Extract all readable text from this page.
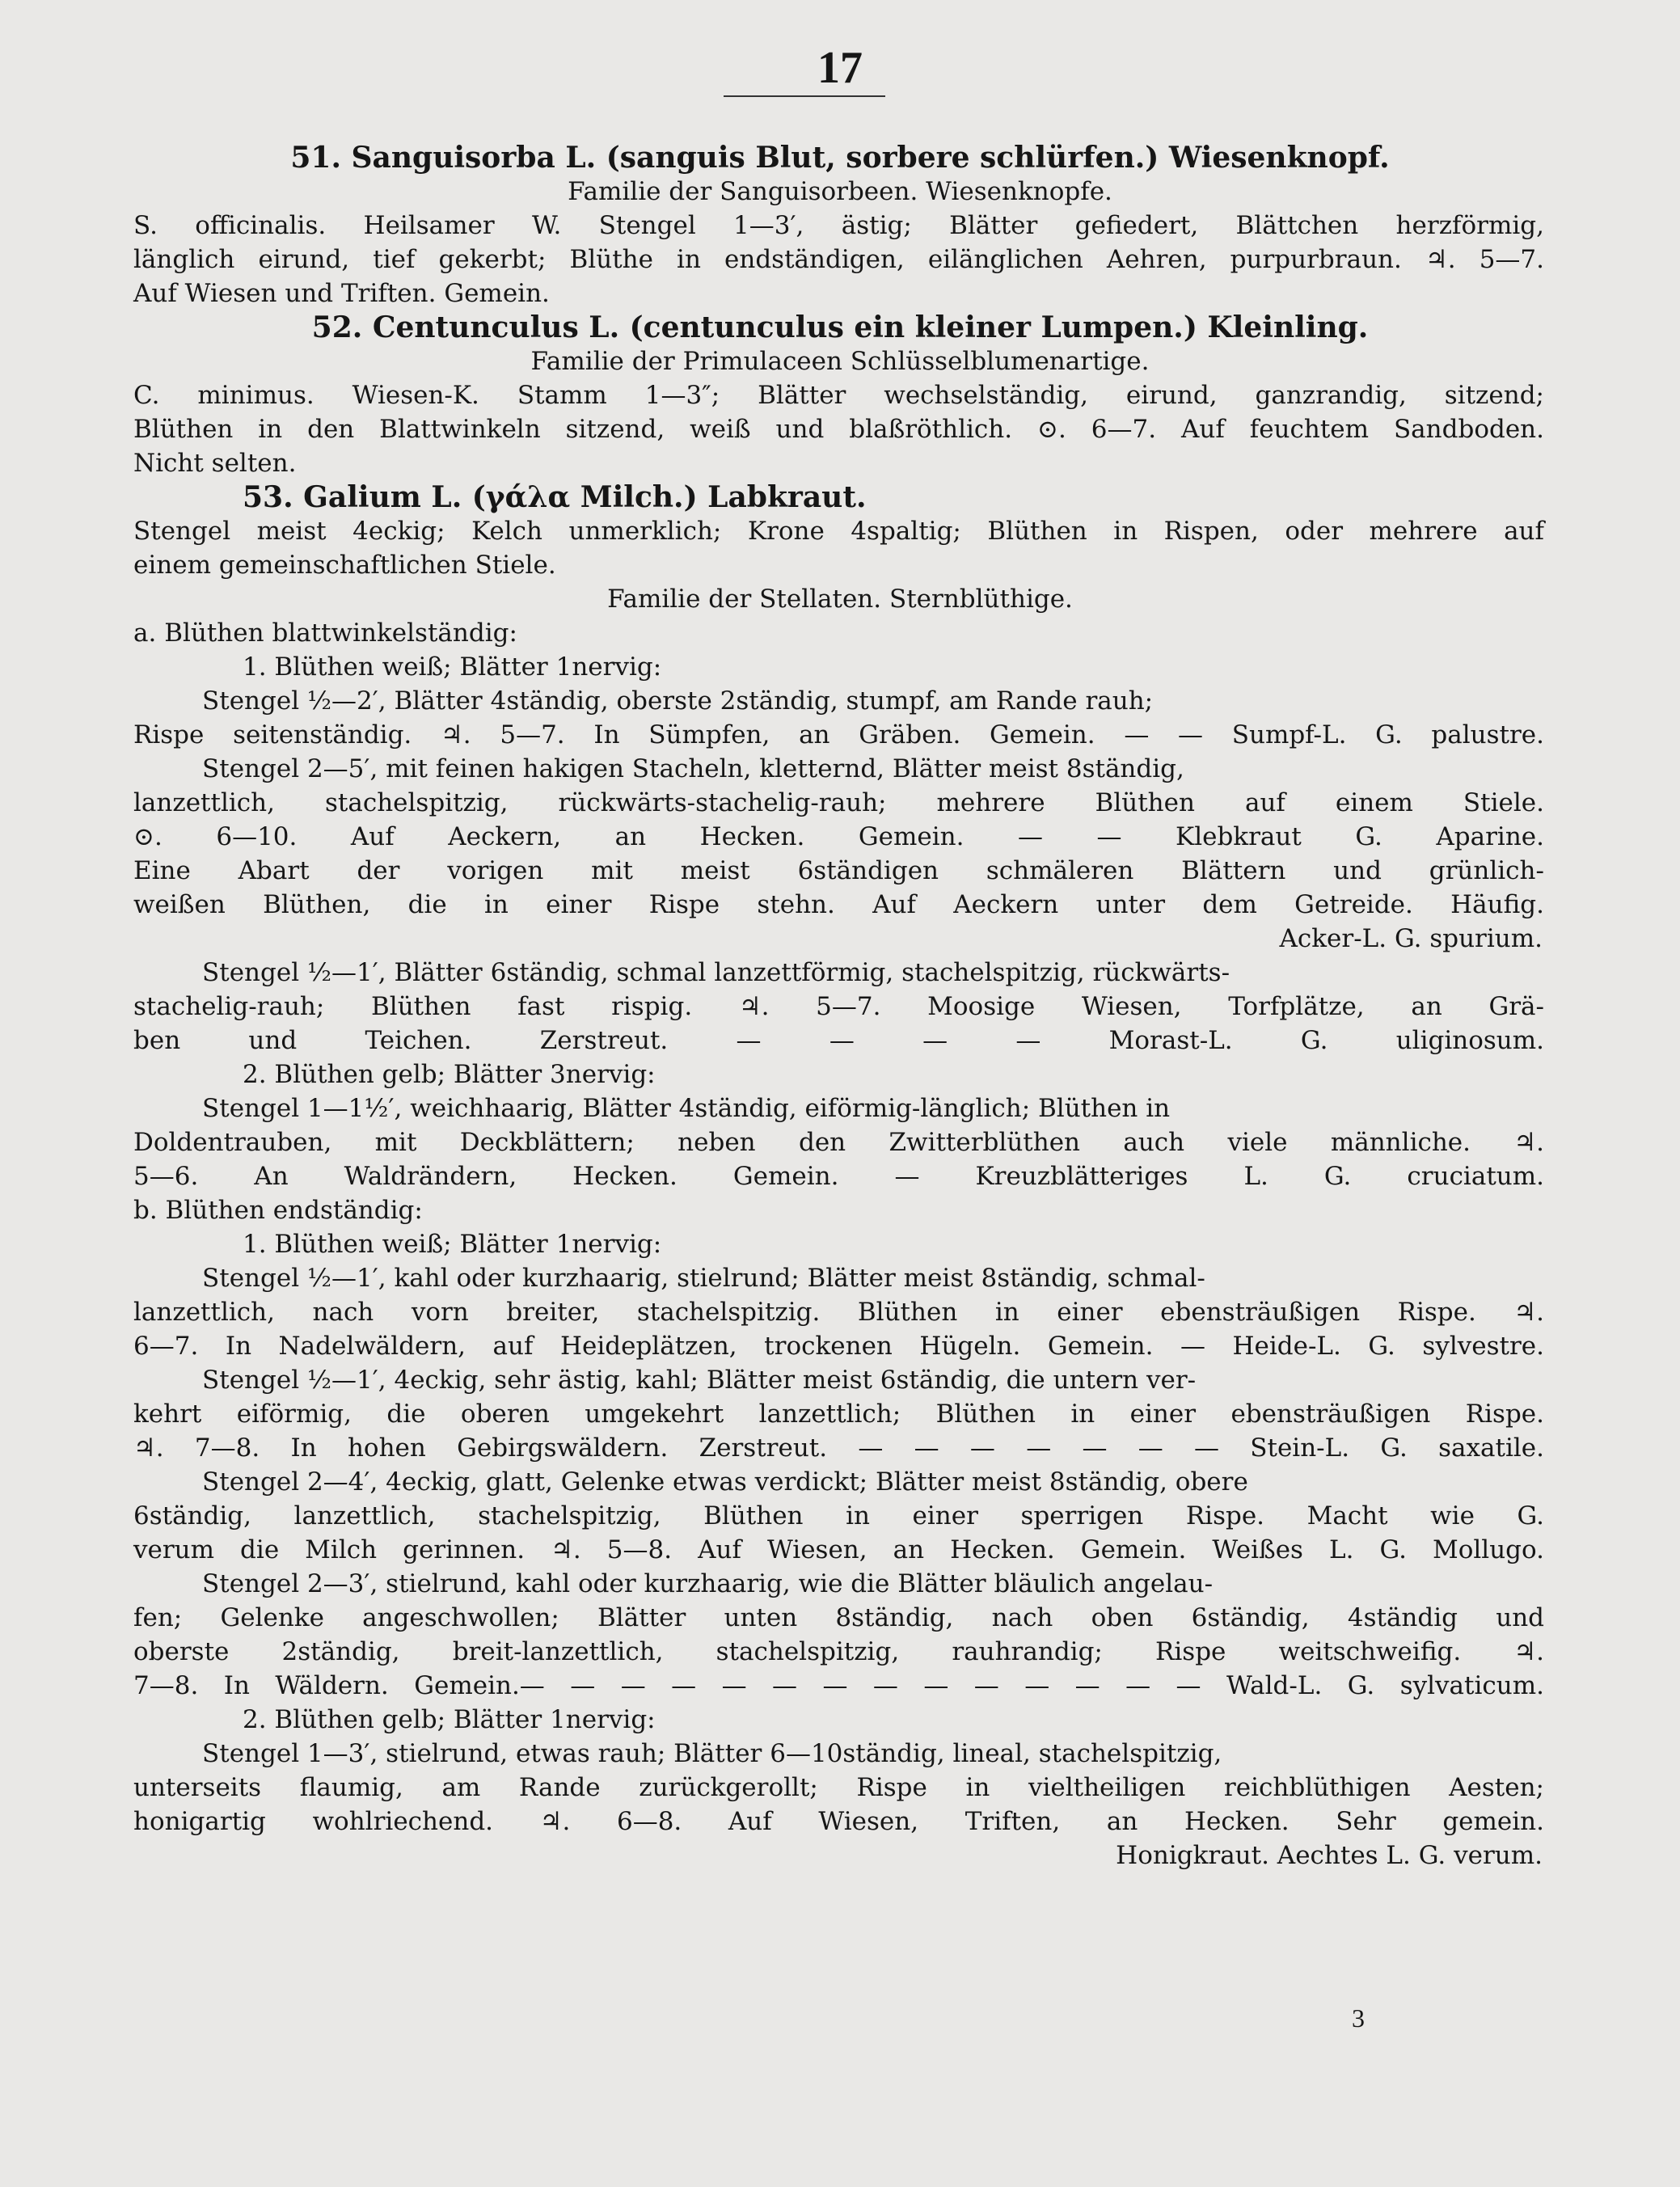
17
51. Sanguisorba L. (sanguis Blut, sorbere schlürfen.) Wiesenknopf.
Familie der Sanguisorbeen. Wiesenknopfe.
S. officinalis. Heilsamer W. Stengel 1—3′, ästig; Blätter gefiedert, Blättchen herzförmig,
länglich eirund, tief gekerbt; Blüthe in endständigen, eilänglichen Aehren, purpurbraun. ♃. 5—7.
Auf Wiesen und Triften. Gemein.
52. Centunculus L. (centunculus ein kleiner Lumpen.) Kleinling.
Familie der Primulaceen Schlüsselblumenartige.
C. minimus. Wiesen-K. Stamm 1—3″; Blätter wechselständig, eirund, ganzrandig, sitzend;
Blüthen in den Blattwinkeln sitzend, weiß und blaßröthlich. ⊙. 6—7. Auf feuchtem Sandboden.
Nicht selten.
53. Galium L. (γάλα Milch.) Labkraut.
Stengel meist 4eckig; Kelch unmerklich; Krone 4spaltig; Blüthen in Rispen, oder mehrere auf
einem gemeinschaftlichen Stiele.
Familie der Stellaten. Sternblüthige.
a. Blüthen blattwinkelständig:
1. Blüthen weiß; Blätter 1nervig:
Stengel ½—2′, Blätter 4ständig, oberste 2ständig, stumpf, am Rande rauh;
Rispe seitenständig. ♃. 5—7. In Sümpfen, an Gräben. Gemein. — — Sumpf-L. G. palustre.
Stengel 2—5′, mit feinen hakigen Stacheln, kletternd, Blätter meist 8ständig,
lanzettlich, stachelspitzig, rückwärts-stachelig-rauh; mehrere Blüthen auf einem Stiele.
⊙. 6—10. Auf Aeckern, an Hecken. Gemein. — — Klebkraut G. Aparine.
Eine Abart der vorigen mit meist 6ständigen schmäleren Blättern und grünlich-
weißen Blüthen, die in einer Rispe stehn. Auf Aeckern unter dem Getreide. Häufig.
Acker-L. G. spurium.
Stengel ½—1′, Blätter 6ständig, schmal lanzettförmig, stachelspitzig, rückwärts-
stachelig-rauh; Blüthen fast rispig. ♃. 5—7. Moosige Wiesen, Torfplätze, an Grä-
ben und Teichen. Zerstreut. — — — — Morast-L. G. uliginosum.
2. Blüthen gelb; Blätter 3nervig:
Stengel 1—1½′, weichhaarig, Blätter 4ständig, eiförmig-länglich; Blüthen in
Doldentrauben, mit Deckblättern; neben den Zwitterblüthen auch viele männliche. ♃.
5—6. An Waldrändern, Hecken. Gemein. — Kreuzblätteriges L. G. cruciatum.
b. Blüthen endständig:
1. Blüthen weiß; Blätter 1nervig:
Stengel ½—1′, kahl oder kurzhaarig, stielrund; Blätter meist 8ständig, schmal-
lanzettlich, nach vorn breiter, stachelspitzig. Blüthen in einer ebensträußigen Rispe. ♃.
6—7. In Nadelwäldern, auf Heideplätzen, trockenen Hügeln. Gemein. — Heide-L. G. sylvestre.
Stengel ½—1′, 4eckig, sehr ästig, kahl; Blätter meist 6ständig, die untern ver-
kehrt eiförmig, die oberen umgekehrt lanzettlich; Blüthen in einer ebensträußigen Rispe.
♃. 7—8. In hohen Gebirgswäldern. Zerstreut. — — — — — — — Stein-L. G. saxatile.
Stengel 2—4′, 4eckig, glatt, Gelenke etwas verdickt; Blätter meist 8ständig, obere
6ständig, lanzettlich, stachelspitzig, Blüthen in einer sperrigen Rispe. Macht wie G.
verum die Milch gerinnen. ♃. 5—8. Auf Wiesen, an Hecken. Gemein. Weißes L. G. Mollugo.
Stengel 2—3′, stielrund, kahl oder kurzhaarig, wie die Blätter bläulich angelau-
fen; Gelenke angeschwollen; Blätter unten 8ständig, nach oben 6ständig, 4ständig und
oberste 2ständig, breit-lanzettlich, stachelspitzig, rauhrandig; Rispe weitschweifig. ♃.
7—8. In Wäldern. Gemein.— — — — — — — — — — — — — — Wald-L. G. sylvaticum.
2. Blüthen gelb; Blätter 1nervig:
Stengel 1—3′, stielrund, etwas rauh; Blätter 6—10ständig, lineal, stachelspitzig,
unterseits flaumig, am Rande zurückgerollt; Rispe in vieltheiligen reichblüthigen Aesten;
honigartig wohlriechend. ♃. 6—8. Auf Wiesen, Triften, an Hecken. Sehr gemein.
Honigkraut. Aechtes L. G. verum.
3
